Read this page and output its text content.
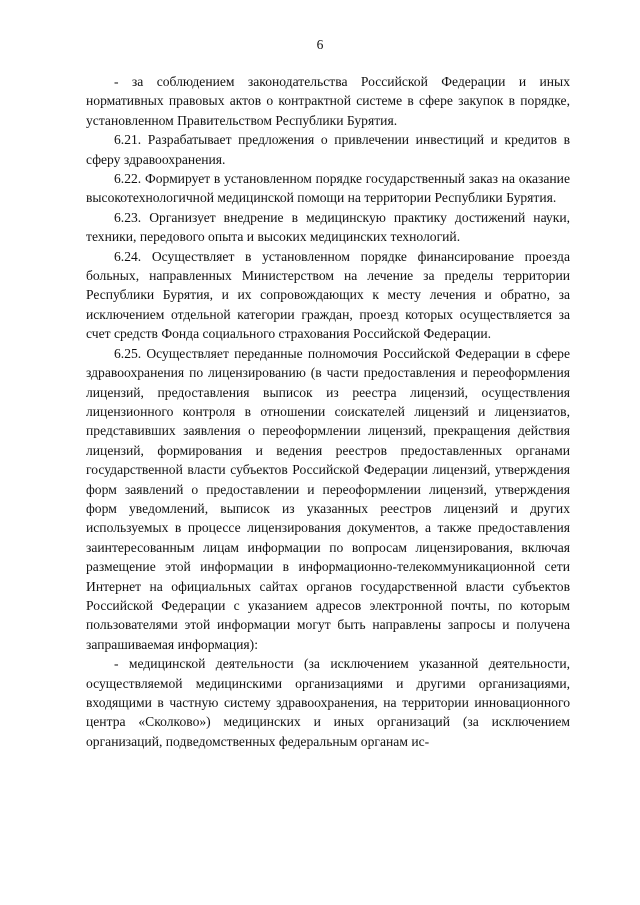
6

- за соблюдением законодательства Российской Федерации и иных нормативных правовых актов о контрактной системе в сфере закупок в порядке, установленном Правительством Республики Бурятия.

6.21. Разрабатывает предложения о привлечении инвестиций и кредитов в сферу здравоохранения.

6.22. Формирует в установленном порядке государственный заказ на оказание высокотехнологичной медицинской помощи на территории Республики Бурятия.

6.23. Организует внедрение в медицинскую практику достижений науки, техники, передового опыта и высоких медицинских технологий.

6.24. Осуществляет в установленном порядке финансирование проезда больных, направленных Министерством на лечение за пределы территории Республики Бурятия, и их сопровождающих к месту лечения и обратно, за исключением отдельной категории граждан, проезд которых осуществляется за счет средств Фонда социального страхования Российской Федерации.

6.25. Осуществляет переданные полномочия Российской Федерации в сфере здравоохранения по лицензированию (в части предоставления и переоформления лицензий, предоставления выписок из реестра лицензий, осуществления лицензионного контроля в отношении соискателей лицензий и лицензиатов, представивших заявления о переоформлении лицензий, прекращения действия лицензий, формирования и ведения реестров предоставленных органами государственной власти субъектов Российской Федерации лицензий, утверждения форм заявлений о предоставлении и переоформлении лицензий, утверждения форм уведомлений, выписок из указанных реестров лицензий и других используемых в процессе лицензирования документов, а также предоставления заинтересованным лицам информации по вопросам лицензирования, включая размещение этой информации в информационно-телекоммуникационной сети Интернет на официальных сайтах органов государственной власти субъектов Российской Федерации с указанием адресов электронной почты, по которым пользователями этой информации могут быть направлены запросы и получена запрашиваемая информация):

- медицинской деятельности (за исключением указанной деятельности, осуществляемой медицинскими организациями и другими организациями, входящими в частную систему здравоохранения, на территории инновационного центра «Сколково») медицинских и иных организаций (за исключением организаций, подведомственных федеральным органам ис-
